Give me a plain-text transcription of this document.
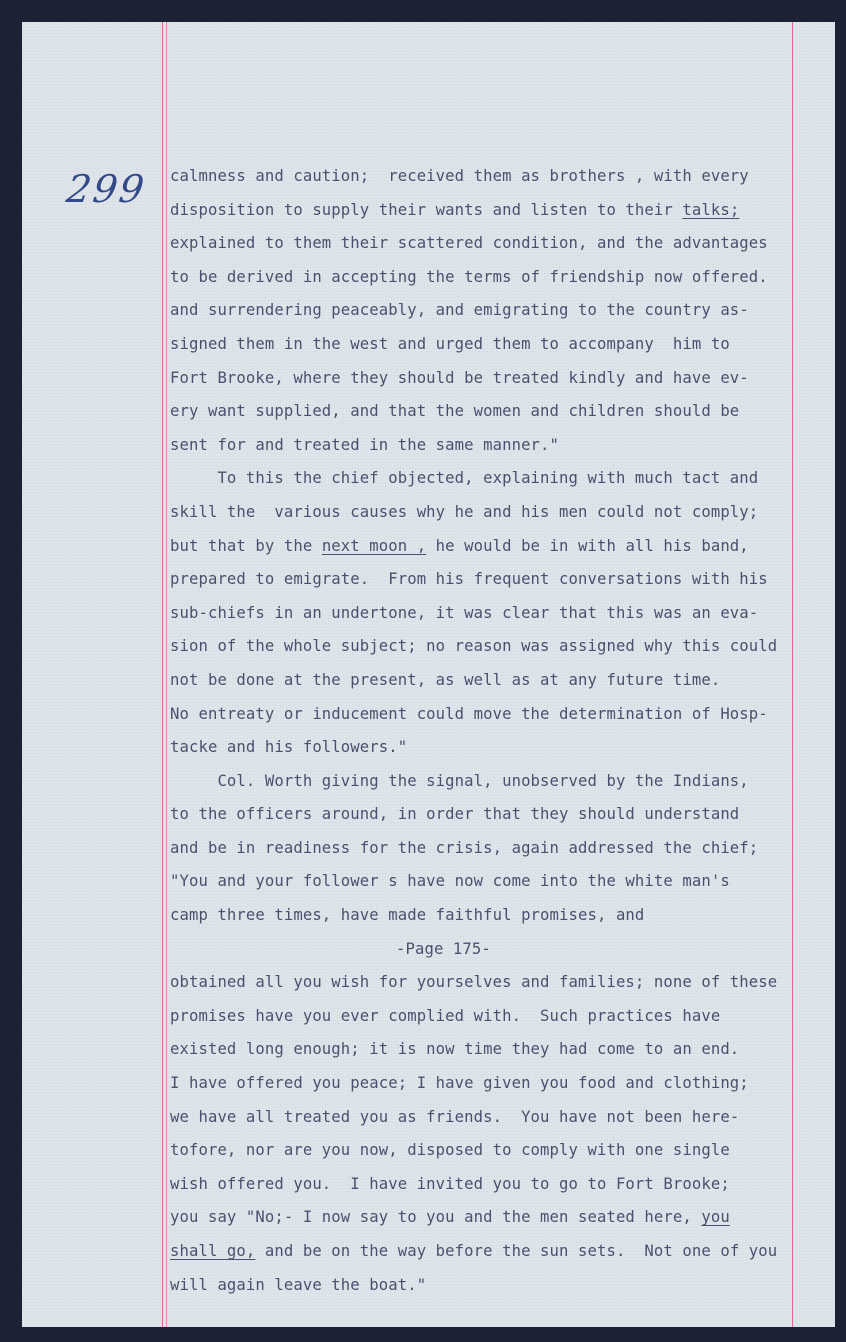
299 calmness and caution;  received them as brothers , with every
disposition to supply their wants and listen to their talks;
explained to them their scattered condition, and the advantages
to be derived in accepting the terms of friendship now offered.
and surrendering peaceably, and emigrating to the country as-
signed them in the west and urged them to accompany  him to
Fort Brooke, where they should be treated kindly and have ev-
ery want supplied, and that the women and children should be
sent for and treated in the same manner."
To this the chief objected, explaining with much tact and
skill the  various causes why he and his men could not comply;
but that by the next moon , he would be in with all his band,
prepared to emigrate.  From his frequent conversations with his
sub-chiefs in an undertone, it was clear that this was an eva-
sion of the whole subject; no reason was assigned why this could
not be done at the present, as well as at any future time.
No entreaty or inducement could move the determination of Hosp-
tacke and his followers."
Col. Worth giving the signal, unobserved by the Indians,
to the officers around, in order that they should understand
and be in readiness for the crisis, again addressed the chief;
"You and your follower s have now come into the white man's
camp three times, have made faithful promises, and
-Page 175-
obtained all you wish for yourselves and families; none of these
promises have you ever complied with.  Such practices have
existed long enough; it is now time they had come to an end.
I have offered you peace; I have given you food and clothing;
we have all treated you as friends.  You have not been here-
tofore, nor are you now, disposed to comply with one single
wish offered you.  I have invited you to go to Fort Brooke;
you say "No;- I now say to you and the men seated here, you
shall go, and be on the way before the sun sets.  Not one of you
will again leave the boat."
